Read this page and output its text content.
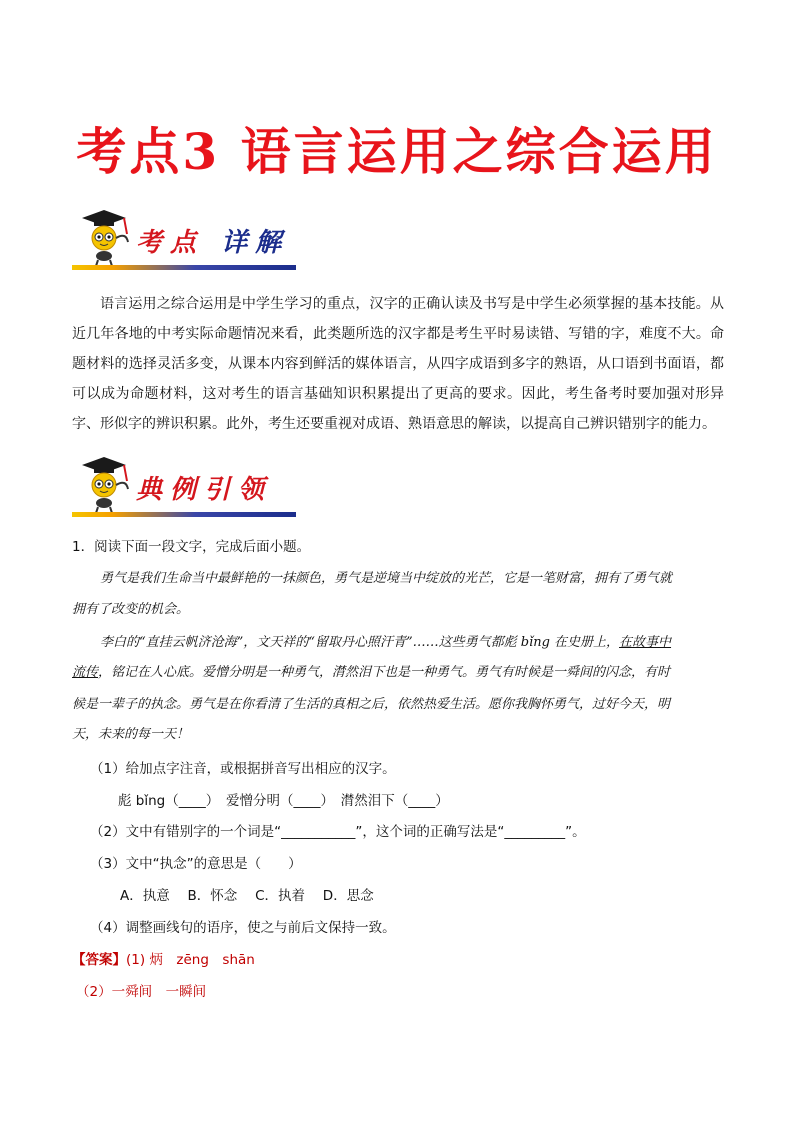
考点3 语言运用之综合运用
考点 详解

语言运用之综合运用是中学生学习的重点，汉字的正确认读及书写是中学生必须掌握的基本技能。从近几年各地的中考实际命题情况来看，此类题所选的汉字都是考生平时易读错、写错的字，难度不大。命题材料的选择灵活多变，从课本内容到鲜活的媒体语言，从四字成语到多字的熟语，从口语到书面语，都可以成为命题材料，这对考生的语言基础知识积累提出了更高的要求。因此，考生备考时要加强对形异字、形似字的辨识积累。此外，考生还要重视对成语、熟语意思的解读，以提高自己辨识错别字的能力。

典例引领
1．阅读下面一段文字，完成后面小题。
勇气是我们生命当中最鲜艳的一抹颜色，勇气是逆境当中绽放的光芒，它是一笔财富，拥有了勇气就
拥有了改变的机会。
李白的“直挂云帆济沧海”，文天祥的“留取丹心照汗青”……这些勇气都彪 bǐng 在史册上，在故事中
流传，铭记在人心底。爱憎分明是一种勇气，潸然泪下也是一种勇气。勇气有时候是一舜间的闪念，有时
候是一辈子的执念。勇气是在你看清了生活的真相之后，依然热爱生活。愿你我胸怀勇气，过好今天，明
天，未来的每一天！
（1）给加点字注音，或根据拼音写出相应的汉字。
彪 bǐng（____）　爱憎分明（____）　潸然泪下（____）
（2）文中有错别字的一个词是“___________”，这个词的正确写法是“_________”。
（3）文中“执念”的意思是（　　）
A．执意　 B．怀念　 C．执着　 D．思念
（4）调整画线句的语序，使之与前后文保持一致。
【答案】(1) 炳　zēng　shān
（2）一舜间　一瞬间
